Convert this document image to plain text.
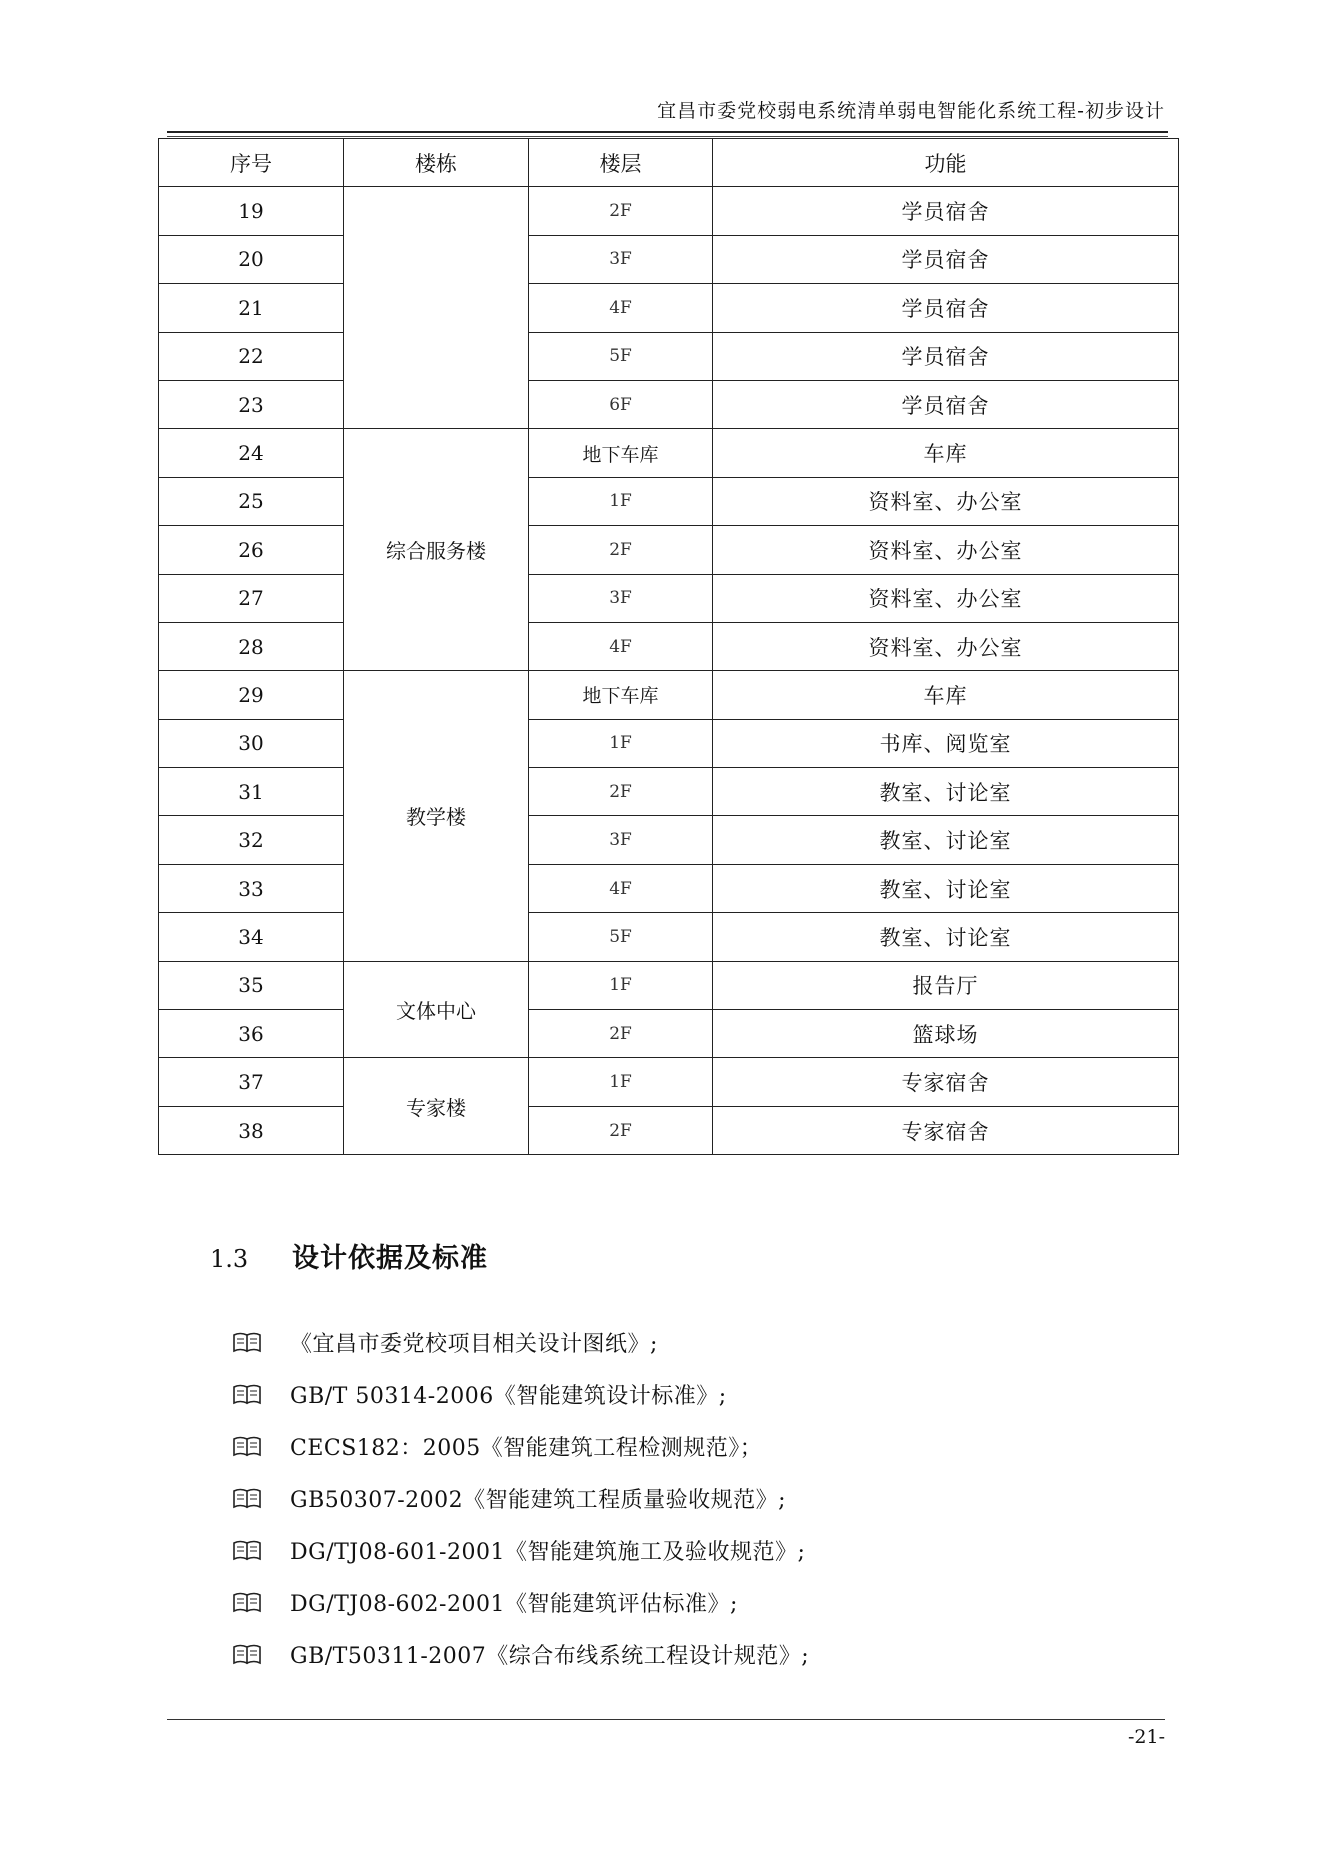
宜昌市委党校弱电系统清单弱电智能化系统工程-初步设计
序号	楼栋	楼层	功能
19		2F	学员宿舍
20		3F	学员宿舍
21		4F	学员宿舍
22		5F	学员宿舍
23		6F	学员宿舍
24	综合服务楼	地下车库	车库
25		1F	资料室、办公室
26		2F	资料室、办公室
27		3F	资料室、办公室
28		4F	资料室、办公室
29	教学楼	地下车库	车库
30		1F	书库、阅览室
31		2F	教室、讨论室
32		3F	教室、讨论室
33		4F	教室、讨论室
34		5F	教室、讨论室
35	文体中心	1F	报告厅
36		2F	篮球场
37	专家楼	1F	专家宿舍
38		2F	专家宿舍
1.3	设计依据及标准
《宜昌市委党校项目相关设计图纸》;
GB/T 50314-2006《智能建筑设计标准》;
CECS182：2005《智能建筑工程检测规范》；
GB50307-2002《智能建筑工程质量验收规范》;
DG/TJ08-601-2001《智能建筑施工及验收规范》;
DG/TJ08-602-2001《智能建筑评估标准》;
GB/T50311-2007《综合布线系统工程设计规范》;
-21-
